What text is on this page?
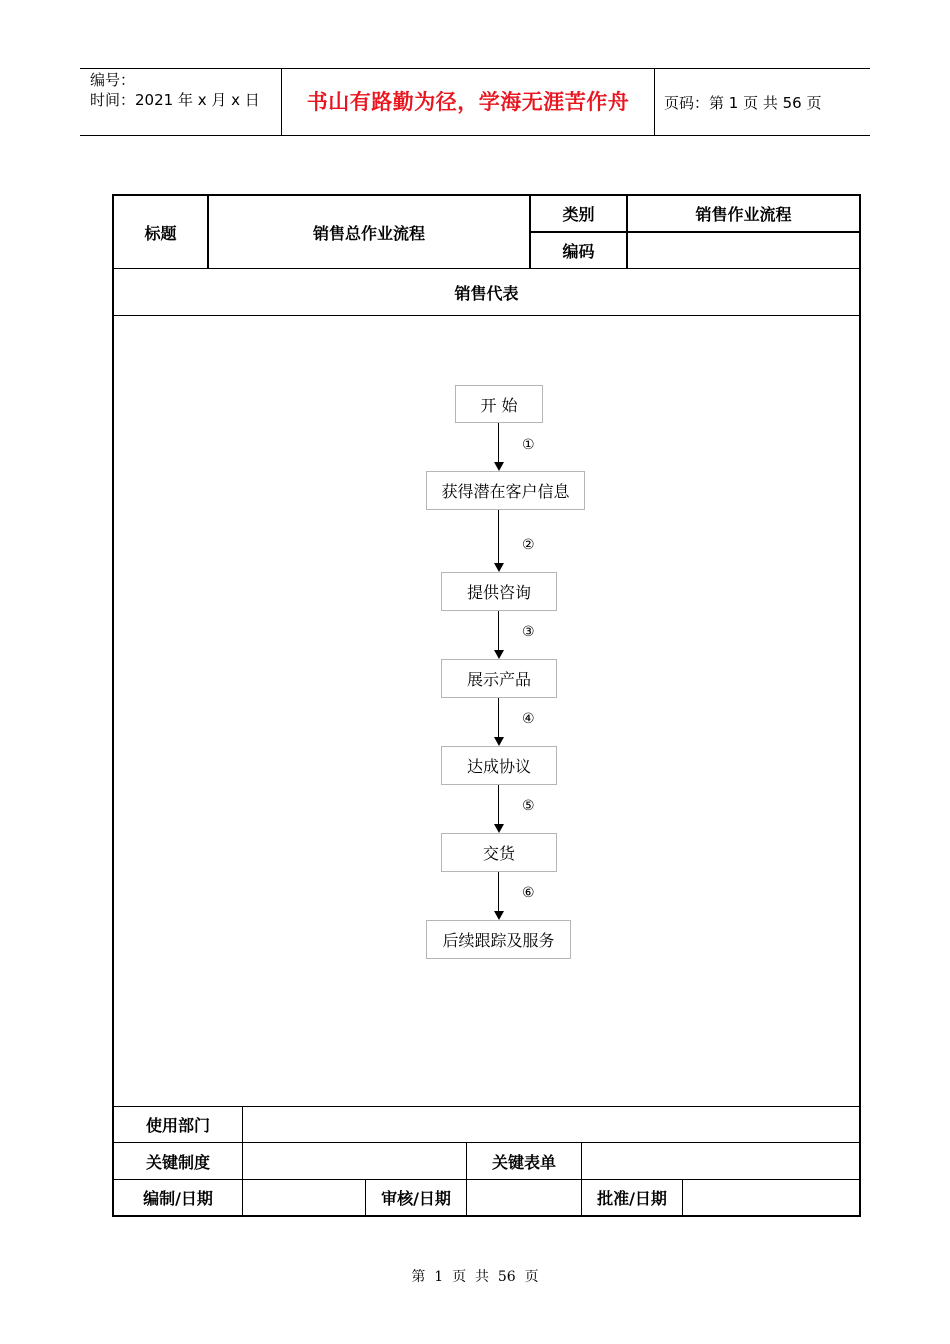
编号：
时间：2021 年 x 月 x 日	书山有路勤为径，学海无涯苦作舟	页码：第 1 页 共 56 页
标题	销售总作业流程
类别	销售作业流程
编码
销售代表
使用部门
关键制度	关键表单
编制/日期	审核/日期	批准/日期
开 始
获得潜在客户信息
提供咨询
展示产品
达成协议
交货
后续跟踪及服务
①
②
③
④
⑤
⑥
第  1  页  共  56  页
